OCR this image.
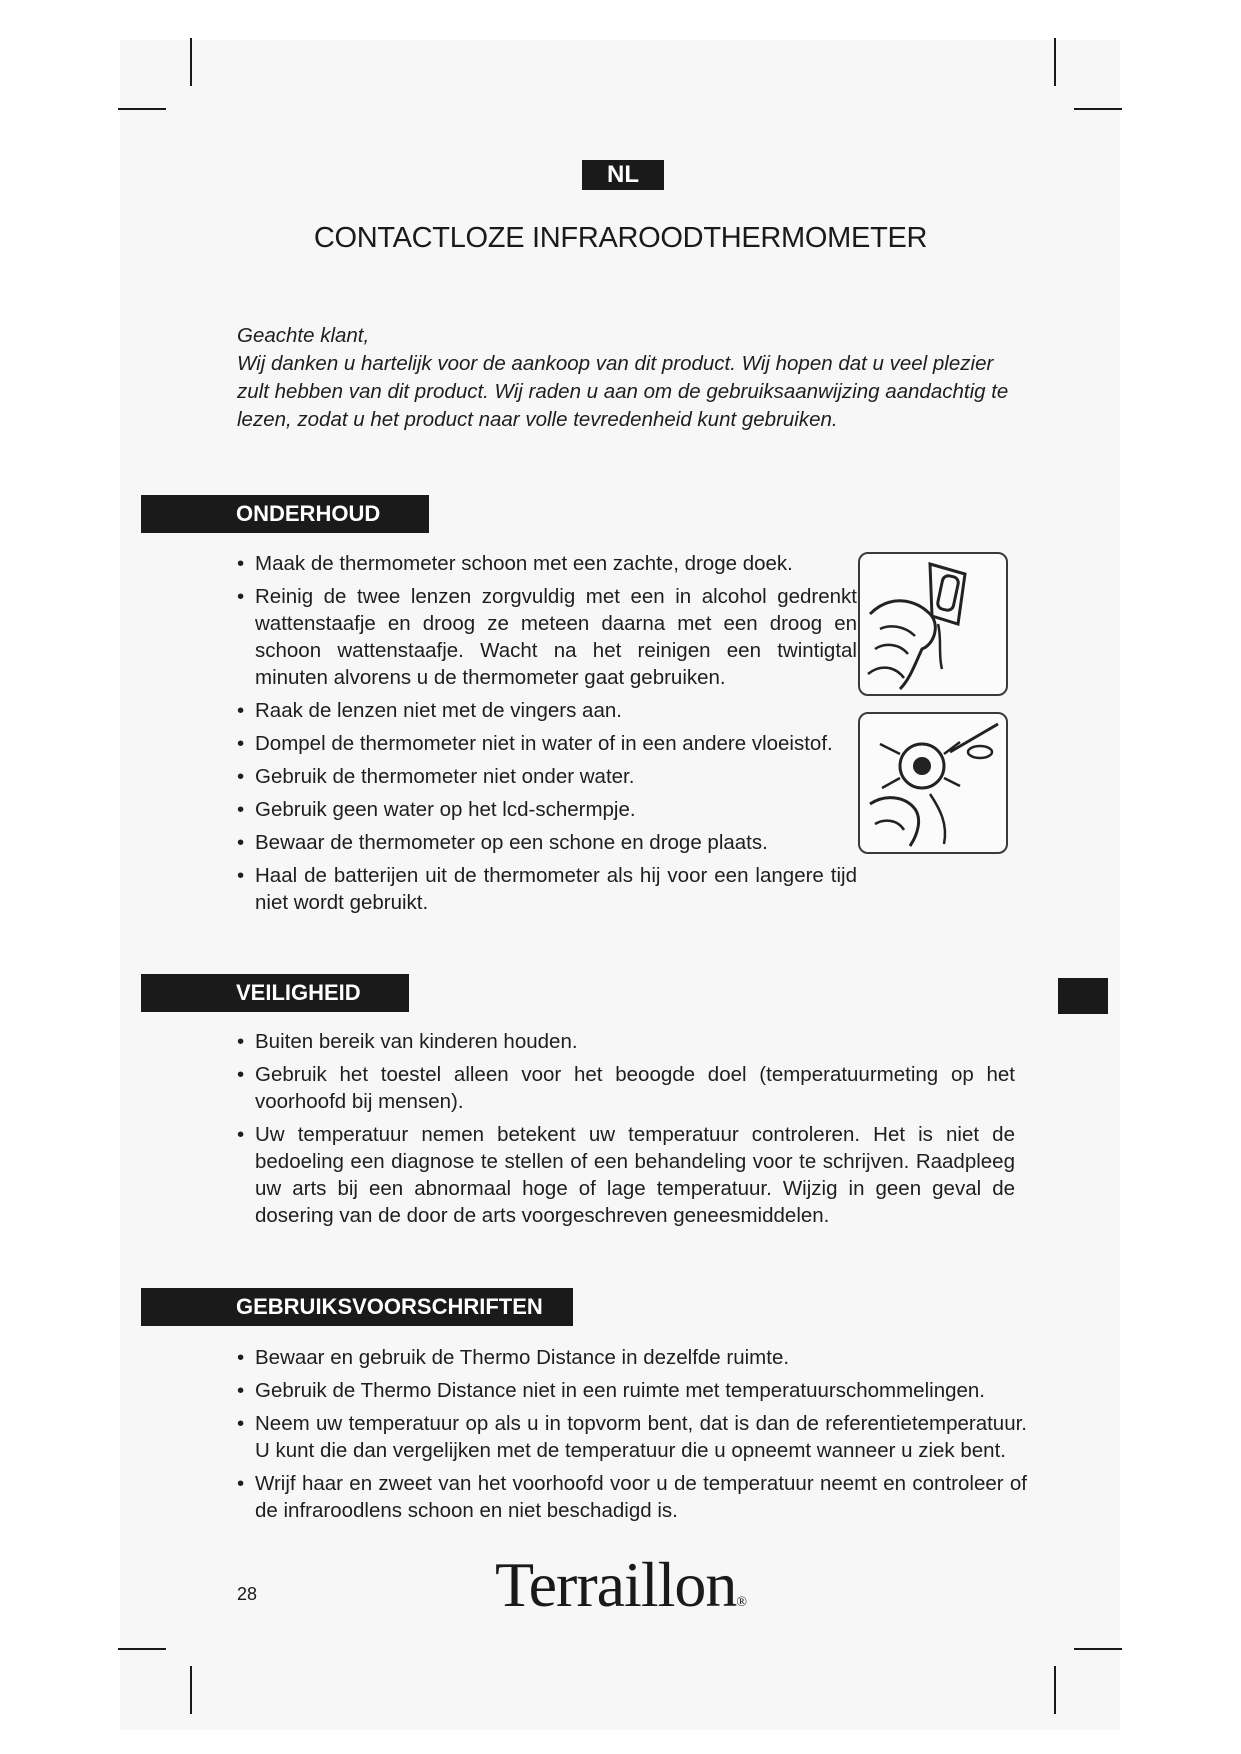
NL
CONTACTLOZE INFRAROODTHERMOMETER

Geachte klant,

Wij danken u hartelijk voor de aankoop van dit product. Wij hopen dat u veel plezier zult hebben van dit product. Wij raden u aan om de gebruiksaanwijzing aandachtig te lezen, zodat u het product naar volle tevredenheid kunt gebruiken.

ONDERHOUD
• Maak de thermometer schoon met een zachte, droge doek.
• Reinig de twee lenzen zorgvuldig met een in alcohol gedrenkt wattenstaafje en droog ze meteen daarna met een droog en schoon wattenstaafje. Wacht na het reinigen een twintigtal minuten alvorens u de thermometer gaat gebruiken.
• Raak de lenzen niet met de vingers aan.
• Dompel de thermometer niet in water of in een andere vloeistof.
• Gebruik de thermometer niet onder water.
• Gebruik geen water op het lcd-schermpje.
• Bewaar de thermometer op een schone en droge plaats.
• Haal de batterijen uit de thermometer als hij voor een langere tijd niet wordt gebruikt.
VEILIGHEID
• Buiten bereik van kinderen houden.
• Gebruik het toestel alleen voor het beoogde doel (temperatuurmeting op het voorhoofd bij mensen).
• Uw temperatuur nemen betekent uw temperatuur controleren. Het is niet de bedoeling een diagnose te stellen of een behandeling voor te schrijven. Raadpleeg uw arts bij een abnormaal hoge of lage temperatuur. Wijzig in geen geval de dosering van de door de arts voorgeschreven geneesmiddelen.
GEBRUIKSVOORSCHRIFTEN
• Bewaar en gebruik de Thermo Distance in dezelfde ruimte.
• Gebruik de Thermo Distance niet in een ruimte met temperatuurschommelingen.
• Neem uw temperatuur op als u in topvorm bent, dat is dan de referentietemperatuur. U kunt die dan vergelijken met de temperatuur die u opneemt wanneer u ziek bent.
• Wrijf haar en zweet van het voorhoofd voor u de temperatuur neemt en controleer of de infraroodlens schoon en niet beschadigd is.
28	Terraillon®
